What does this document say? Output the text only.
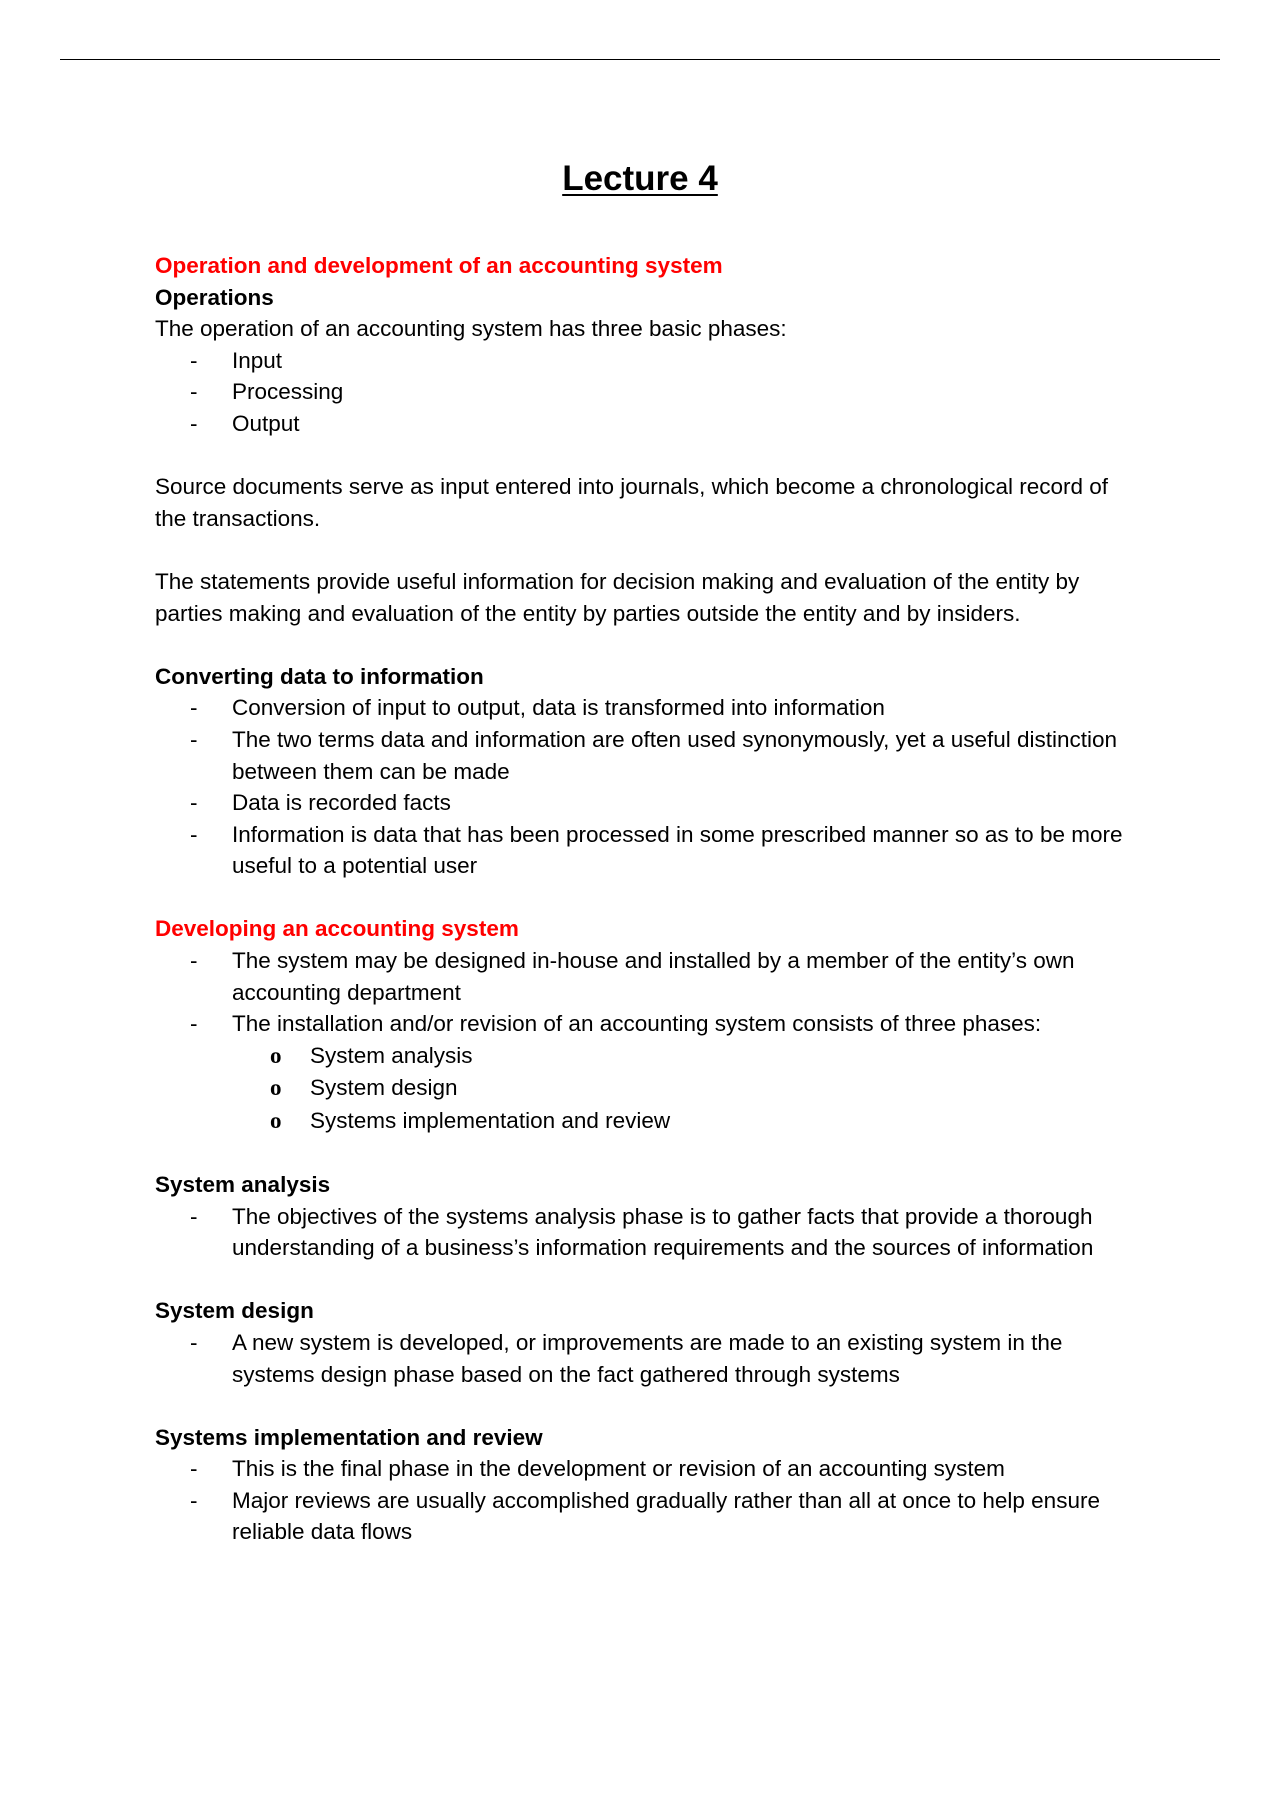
Lecture 4

Operation and development of an accounting system

Operations

The operation of an accounting system has three basic phases:

- Input
- Processing
- Output

Source documents serve as input entered into journals, which become a chronological record of the transactions.

The statements provide useful information for decision making and evaluation of the entity by parties making and evaluation of the entity by parties outside the entity and by insiders.

Converting data to information

- Conversion of input to output, data is transformed into information
- The two terms data and information are often used synonymously, yet a useful distinction between them can be made
- Data is recorded facts
- Information is data that has been processed in some prescribed manner so as to be more useful to a potential user

Developing an accounting system

- The system may be designed in-house and installed by a member of the entity’s own accounting department
- The installation and/or revision of an accounting system consists of three phases:
o System analysis
o System design
o Systems implementation and review

System analysis

- The objectives of the systems analysis phase is to gather facts that provide a thorough understanding of a business’s information requirements and the sources of information

System design

- A new system is developed, or improvements are made to an existing system in the systems design phase based on the fact gathered through systems

Systems implementation and review

- This is the final phase in the development or revision of an accounting system
- Major reviews are usually accomplished gradually rather than all at once to help ensure reliable data flows
